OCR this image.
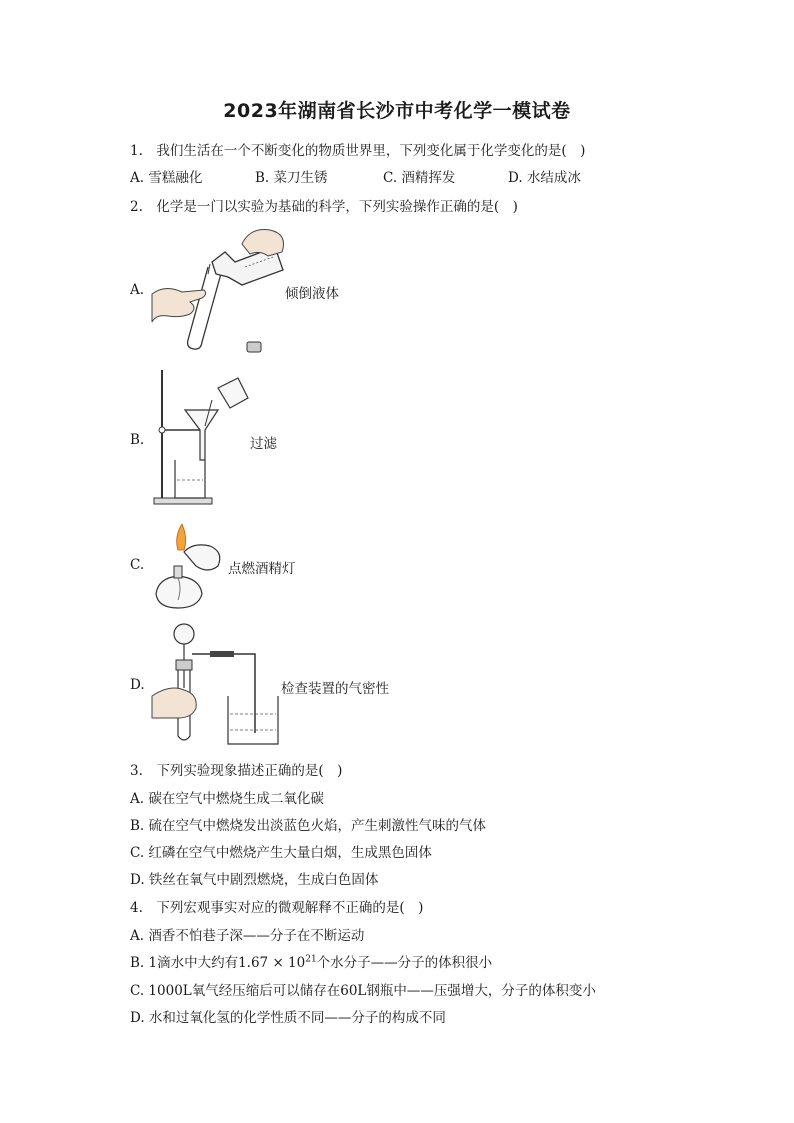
2023年湖南省长沙市中考化学一模试卷
1.　我们生活在一个不断变化的物质世界里，下列变化属于化学变化的是(　)
A. 雪糕融化	B. 菜刀生锈	C. 酒精挥发	D. 水结成冰
2.　化学是一门以实验为基础的科学，下列实验操作正确的是(　)
A.	倾倒液体
B.	过滤
C.	点燃酒精灯
D.	检查装置的气密性
3.　下列实验现象描述正确的是(　)
A. 碳在空气中燃烧生成二氧化碳
B. 硫在空气中燃烧发出淡蓝色火焰，产生刺激性气味的气体
C. 红磷在空气中燃烧产生大量白烟，生成黑色固体
D. 铁丝在氧气中剧烈燃烧，生成白色固体
4.　下列宏观事实对应的微观解释不正确的是(　)
A. 酒香不怕巷子深——分子在不断运动
B. 1滴水中大约有$1.67 \times 10^{21}$个水分子——分子的体积很小
C. 1000L氧气经压缩后可以储存在60L钢瓶中——压强增大，分子的体积变小
D. 水和过氧化氢的化学性质不同——分子的构成不同
